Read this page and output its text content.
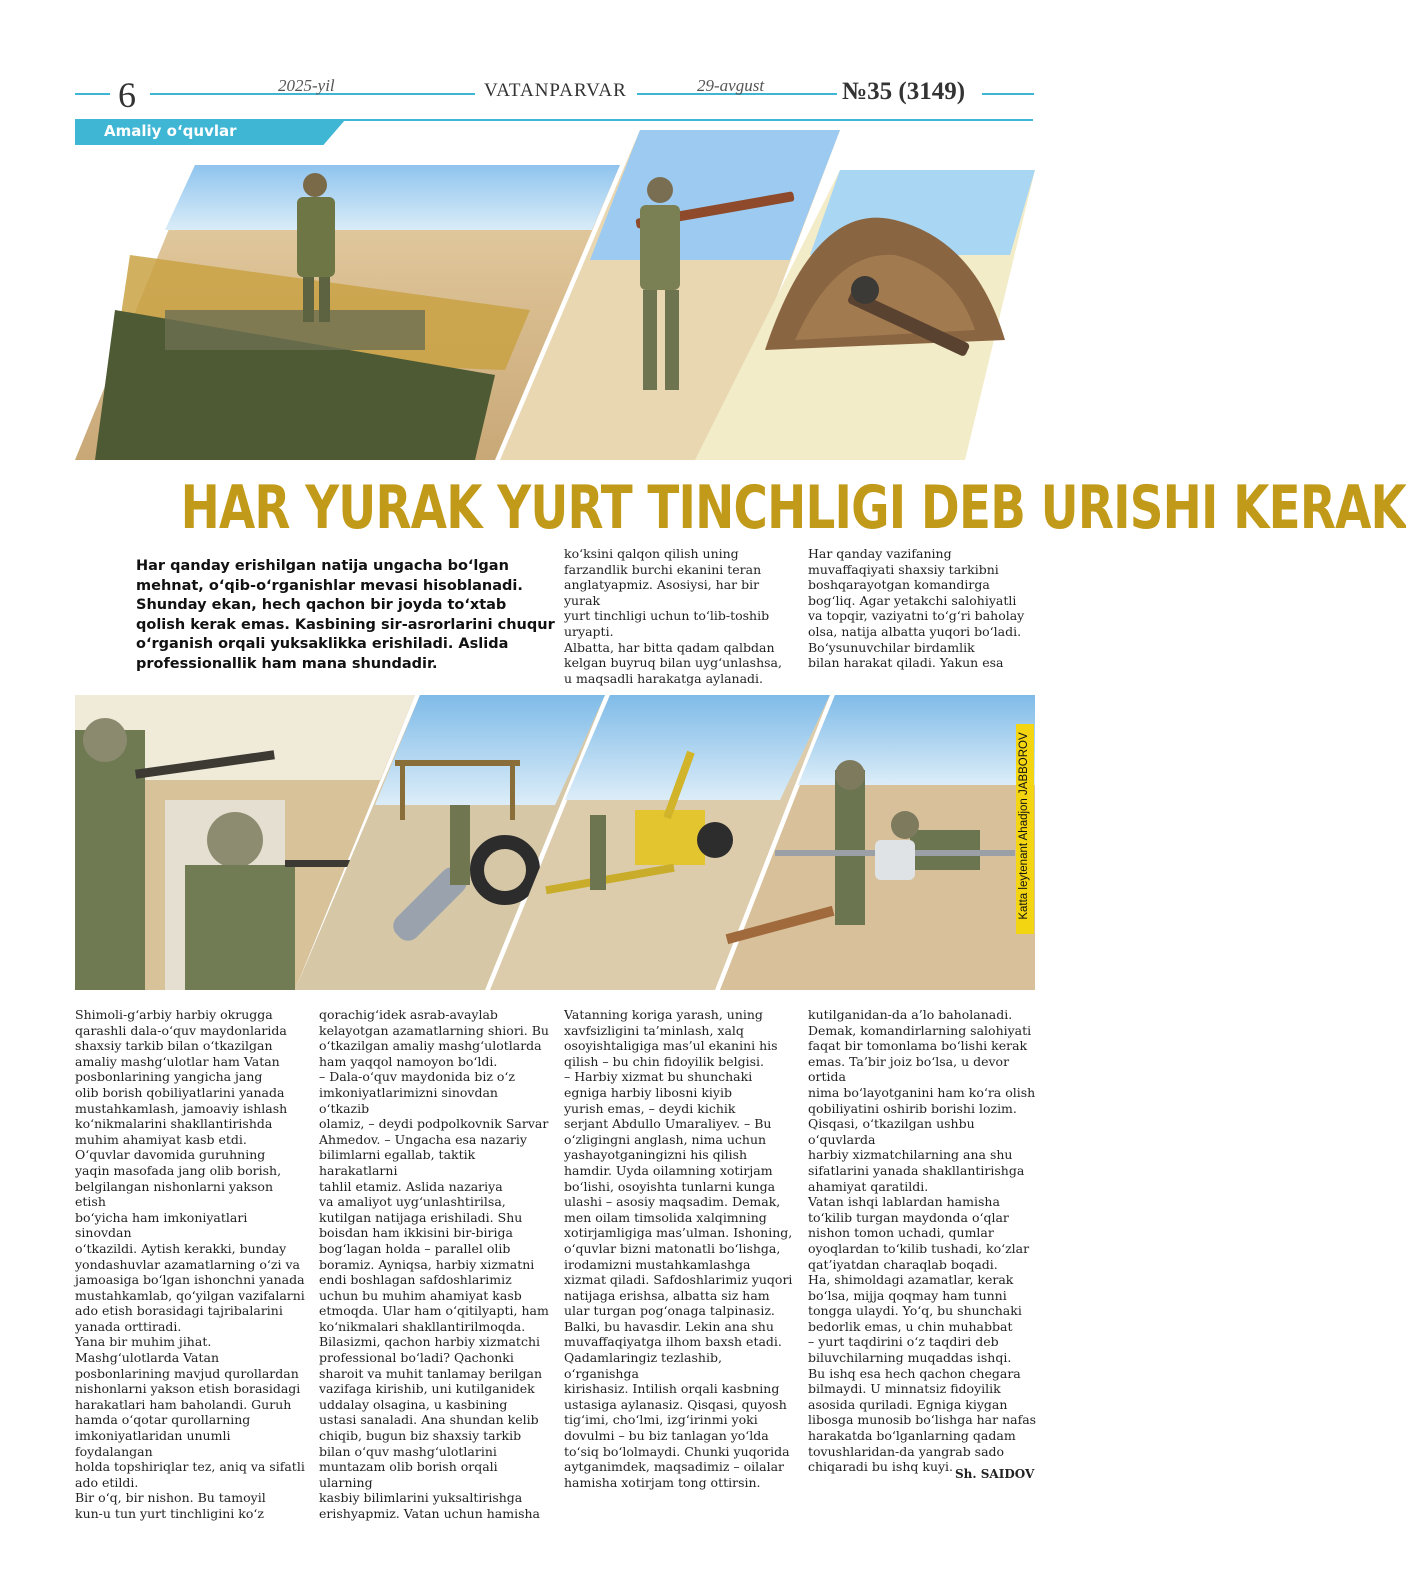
6	2025-yil	VATANPARVAR	29-avgust	№35 (3149)
Amaliy o‘quvlar
HAR YURAK YURT TINCHLIGI DEB URISHI KERAK
Har qanday erishilgan natija ungacha bo‘lgan mehnat, o‘qib-o‘rganishlar mevasi hisoblanadi. Shunday ekan, hech qachon bir joyda to‘xtab qolish kerak emas. Kasbining sir-asrorlarini chuqur o‘rganish orqali yuksaklikka erishiladi. Aslida professionallik ham mana shundadir.
ko‘ksini qalqon qilish uning
farzandlik burchi ekanini teran
anglatyapmiz. Asosiysi, har bir yurak
yurt tinchligi uchun to‘lib-toshib
uryapti.
Albatta, har bitta qadam qalbdan
kelgan buyruq bilan uyg‘unlashsa,
u maqsadli harakatga aylanadi.
Har qanday vazifaning
muvaffaqiyati shaxsiy tarkibni
boshqarayotgan komandirga
bog‘liq. Agar yetakchi salohiyatli
va topqir, vaziyatni to‘g‘ri baholay
olsa, natija albatta yuqori bo‘ladi.
Bo‘ysunuvchilar birdamlik
bilan harakat qiladi. Yakun esa
Katta leytenant Ahadjon JABBOROV
Shimoli-g‘arbiy harbiy okrugga
qarashli dala-o‘quv maydonlarida
shaxsiy tarkib bilan o‘tkazilgan
amaliy mashg‘ulotlar ham Vatan
posbonlarining yangicha jang
olib borish qobiliyatlarini yanada
mustahkamlash, jamoaviy ishlash
ko‘nikmalarini shakllantirishda
muhim ahamiyat kasb etdi.
O‘quvlar davomida guruhning
yaqin masofada jang olib borish,
belgilangan nishonlarni yakson etish
bo‘yicha ham imkoniyatlari sinovdan
o‘tkazildi. Aytish kerakki, bunday
yondashuvlar azamatlarning o‘zi va
jamoasiga bo‘lgan ishonchni yanada
mustahkamlab, qo‘yilgan vazifalarni
ado etish borasidagi tajribalarini
yanada orttiradi.
Yana bir muhim jihat.
Mashg‘ulotlarda Vatan
posbonlarining mavjud qurollardan
nishonlarni yakson etish borasidagi
harakatlari ham baholandi. Guruh
hamda o‘qotar qurollarning
imkoniyatlaridan unumli foydalangan
holda topshiriqlar tez, aniq va sifatli
ado etildi.
Bir o‘q, bir nishon. Bu tamoyil
kun-u tun yurt tinchligini ko‘z
qorachig‘idek asrab-avaylab
kelayotgan azamatlarning shiori. Bu
o‘tkazilgan amaliy mashg‘ulotlarda
ham yaqqol namoyon bo‘ldi.
– Dala-o‘quv maydonida biz o‘z
imkoniyatlarimizni sinovdan o‘tkazib
olamiz, – deydi podpolkovnik Sarvar
Ahmedov. – Ungacha esa nazariy
bilimlarni egallab, taktik harakatlarni
tahlil etamiz. Aslida nazariya
va amaliyot uyg‘unlashtirilsa,
kutilgan natijaga erishiladi. Shu
boisdan ham ikkisini bir-biriga
bog‘lagan holda – parallel olib
boramiz. Ayniqsa, harbiy xizmatni
endi boshlagan safdoshlarimiz
uchun bu muhim ahamiyat kasb
etmoqda. Ular ham o‘qitilyapti, ham
ko‘nikmalari shakllantirilmoqda.
Bilasizmi, qachon harbiy xizmatchi
professional bo‘ladi? Qachonki
sharoit va muhit tanlamay berilgan
vazifaga kirishib, uni kutilganidek
uddalay olsagina, u kasbining
ustasi sanaladi. Ana shundan kelib
chiqib, bugun biz shaxsiy tarkib
bilan o‘quv mashg‘ulotlarini
muntazam olib borish orqali ularning
kasbiy bilimlarini yuksaltirishga
erishyapmiz. Vatan uchun hamisha
Vatanning koriga yarash, uning
xavfsizligini ta’minlash, xalq
osoyishtaligiga mas’ul ekanini his
qilish – bu chin fidoyilik belgisi.
– Harbiy xizmat bu shunchaki
egniga harbiy libosni kiyib
yurish emas, – deydi kichik
serjant Abdullo Umaraliyev. – Bu
o‘zligingni anglash, nima uchun
yashayotganingizni his qilish
hamdir. Uyda oilamning xotirjam
bo‘lishi, osoyishta tunlarni kunga
ulashi – asosiy maqsadim. Demak,
men oilam timsolida xalqimning
xotirjamligiga mas’ulman. Ishoning,
o‘quvlar bizni matonatli bo‘lishga,
irodamizni mustahkamlashga
xizmat qiladi. Safdoshlarimiz yuqori
natijaga erishsa, albatta siz ham
ular turgan pog‘onaga talpinasiz.
Balki, bu havasdir. Lekin ana shu
muvaffaqiyatga ilhom baxsh etadi.
Qadamlaringiz tezlashib, o‘rganishga
kirishasiz. Intilish orqali kasbning
ustasiga aylanasiz. Qisqasi, quyosh
tig‘imi, cho‘lmi, izg‘irinmi yoki
dovulmi – bu biz tanlagan yo‘lda
to‘siq bo‘lolmaydi. Chunki yuqorida
aytganimdek, maqsadimiz – oilalar
hamisha xotirjam tong ottirsin.
kutilganidan-da a’lo baholanadi.
Demak, komandirlarning salohiyati
faqat bir tomonlama bo‘lishi kerak
emas. Ta’bir joiz bo‘lsa, u devor ortida
nima bo‘layotganini ham ko‘ra olish
qobiliyatini oshirib borishi lozim.
Qisqasi, o‘tkazilgan ushbu o‘quvlarda
harbiy xizmatchilarning ana shu
sifatlarini yanada shakllantirishga
ahamiyat qaratildi.
Vatan ishqi lablardan hamisha
to‘kilib turgan maydonda o‘qlar
nishon tomon uchadi, qumlar
oyoqlardan to‘kilib tushadi, ko‘zlar
qat’iyatdan charaqlab boqadi.
Ha, shimoldagi azamatlar, kerak
bo‘lsa, mijja qoqmay ham tunni
tongga ulaydi. Yo‘q, bu shunchaki
bedorlik emas, u chin muhabbat
– yurt taqdirini o‘z taqdiri deb
biluvchilarning muqaddas ishqi.
Bu ishq esa hech qachon chegara
bilmaydi. U minnatsiz fidoyilik
asosida quriladi. Egniga kiygan
libosga munosib bo‘lishga har nafas
harakatda bo‘lganlarning qadam
tovushlaridan-da yangrab sado
chiqaradi bu ishq kuyi. Sh. SAIDOV
